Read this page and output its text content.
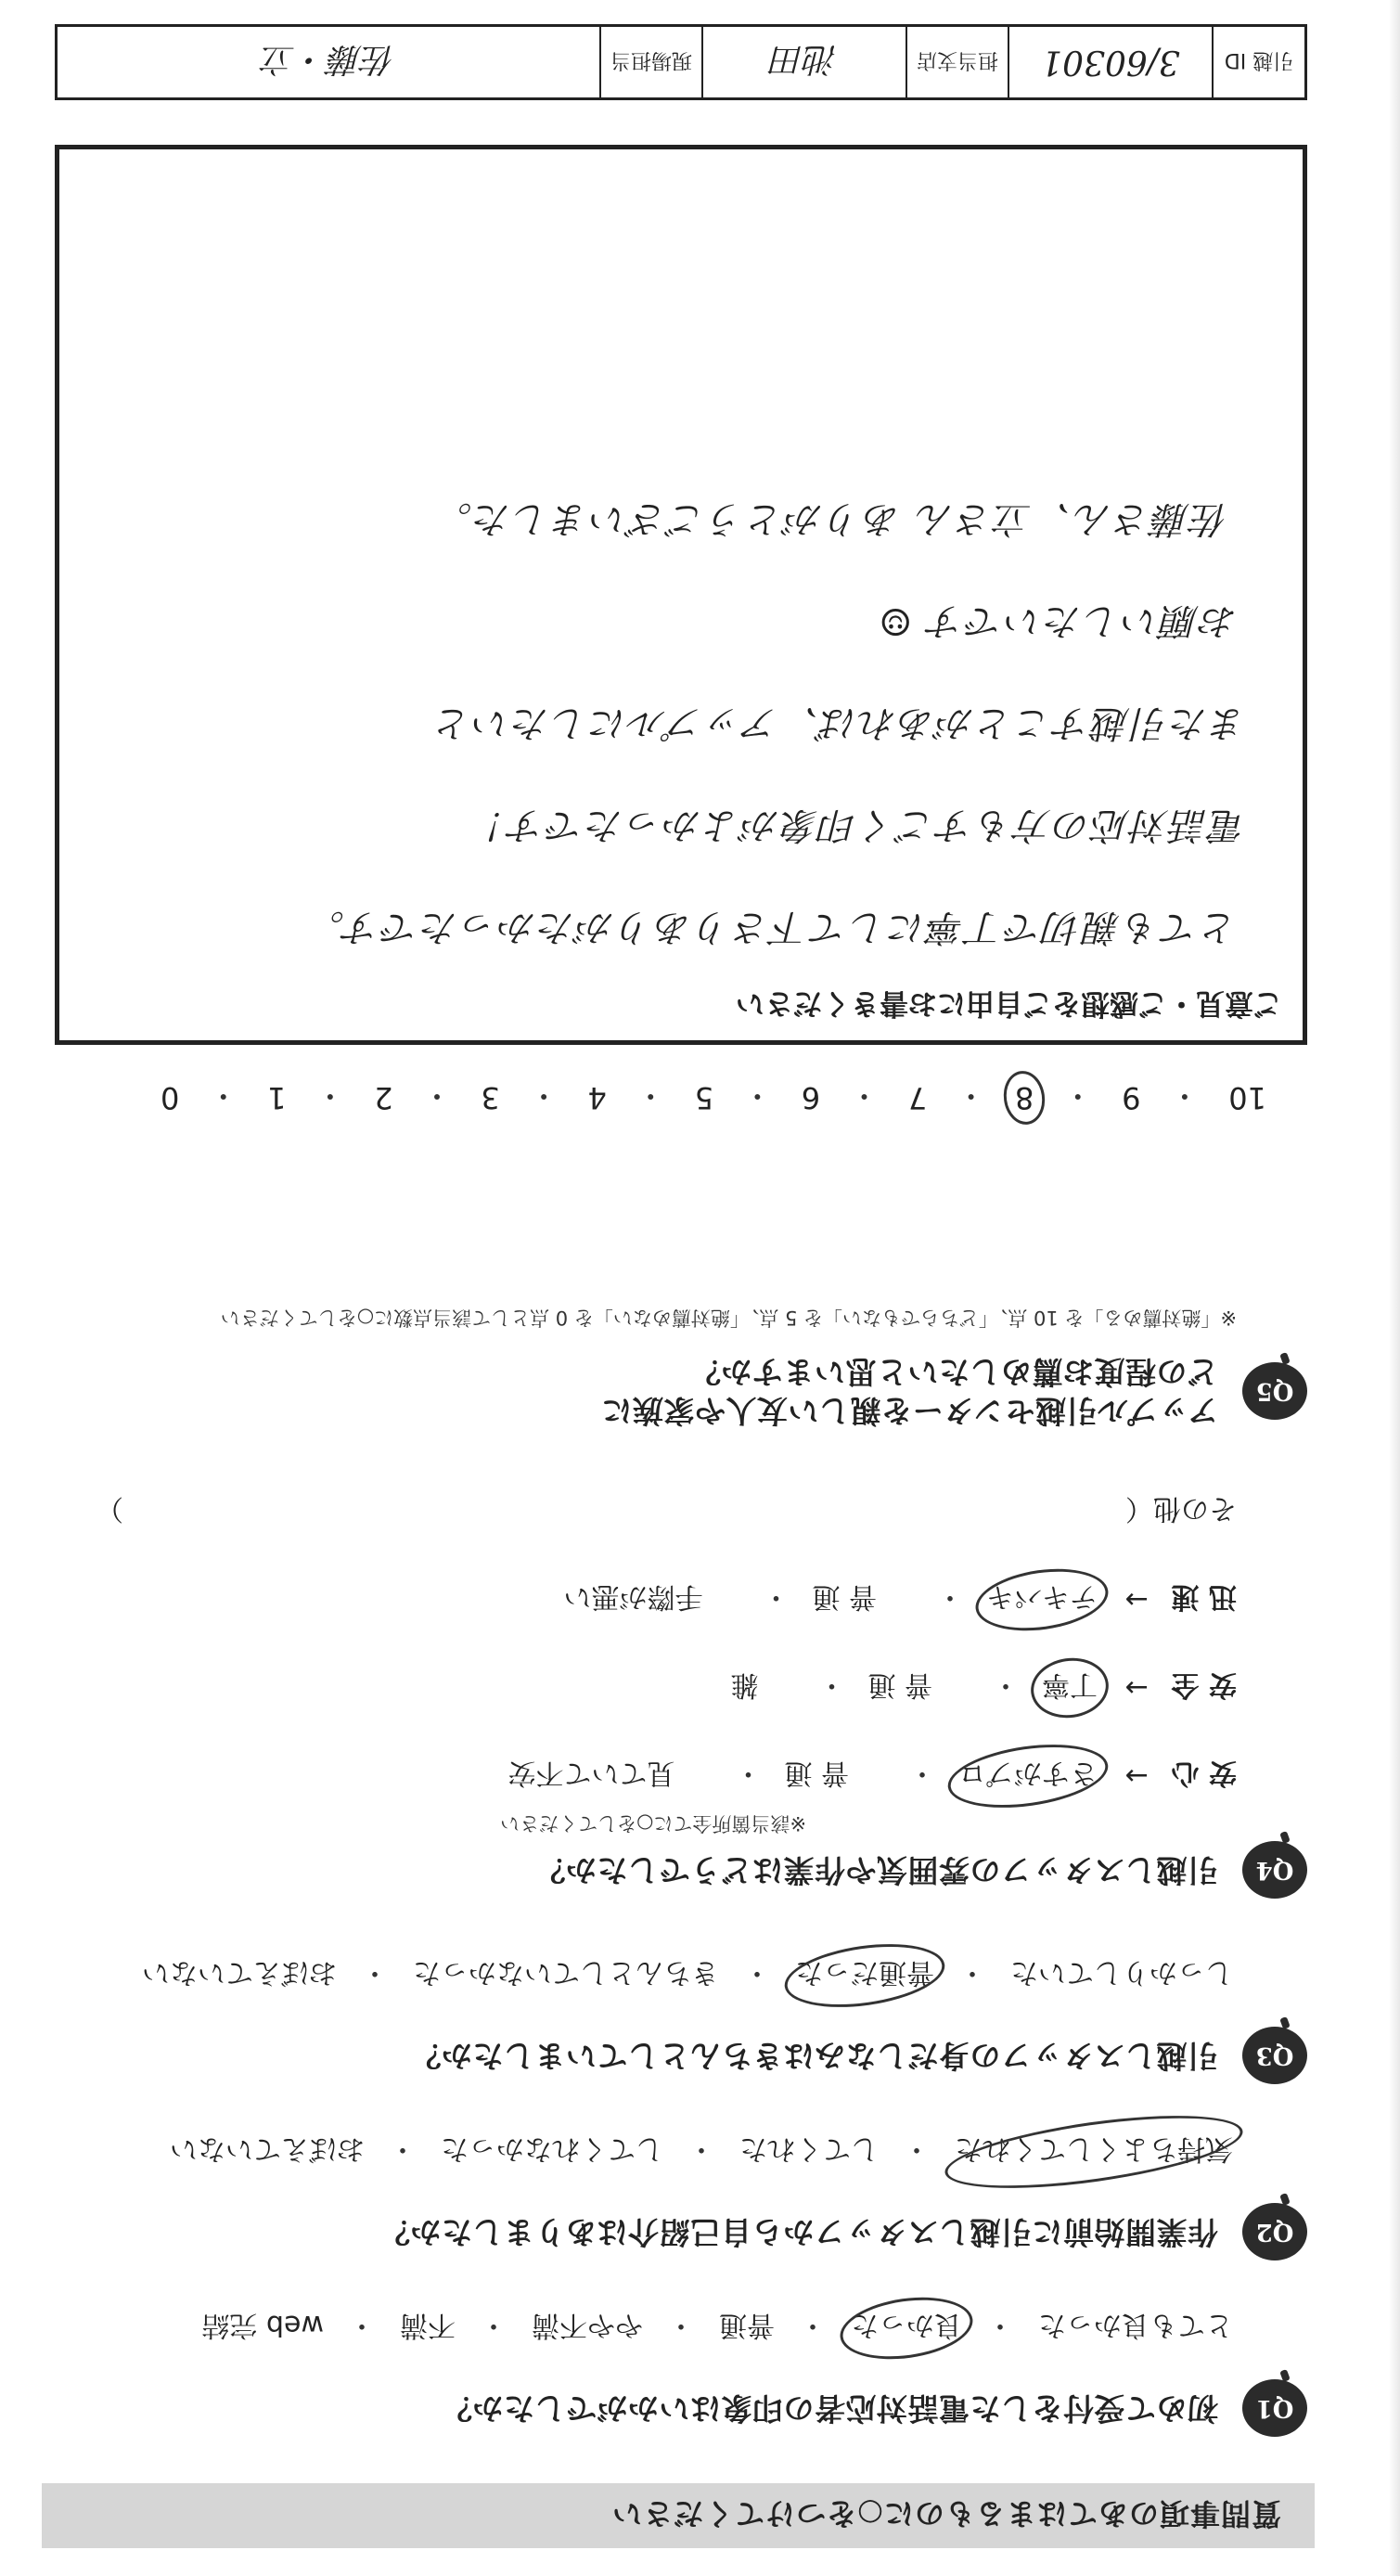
質問事項のあてはまるものに○をつけてください
Q1
初めて受付をした電話対応者の印象はいかがでしたか？
とても良かった
・
良かった
・
普通
・
やや不満
・
不満
・
web 完結
Q2
作業開始前に引越しスタッフから自己紹介はありましたか？
気持ちよくしてくれた
・
してくれた
・
してくれなかった
・
おぼえていない
Q3
引越しスタッフの身だしなみはきちんとしていましたか？
しっかりしていた
・
普通だった
・
きちんとしていなかった
・
おぼえていない
Q4
引越しスタッフの雰囲気や作業はどうでしたか？
※該当箇所全てに○をしてください
安 心
→
さすがプロ
・
普 通
・
見ていて不安
安 全
→
丁寧
・
普 通
・
雑
迅 速
→
テキパキ
・
普 通
・
手際が悪い
その他（
）
Q5
アップル引越センターを親しい友人や家族に
どの程度お薦めしたいと思いますか？
※「絶対薦める」を 10 点、「どちらでもない」を 5 点、「絶対薦めない」を 0 点として該当点数に○をしてください
10
・
9
・
8
・
7
・
6
・
5
・
4
・
3
・
2
・
1
・
0
ご意見・ご感想をご自由にお書きください
とても親切で丁寧にして下さりありがたかったです。
電話対応の方もすごく印象がよかったです！
また引越すことがあれば、アップルにしたいと
お願いしたいです ☺
佐藤さん、立さん ありがとうございました。
引越 ID
3/60301
担当支店
池田
現場担当
佐藤・立
